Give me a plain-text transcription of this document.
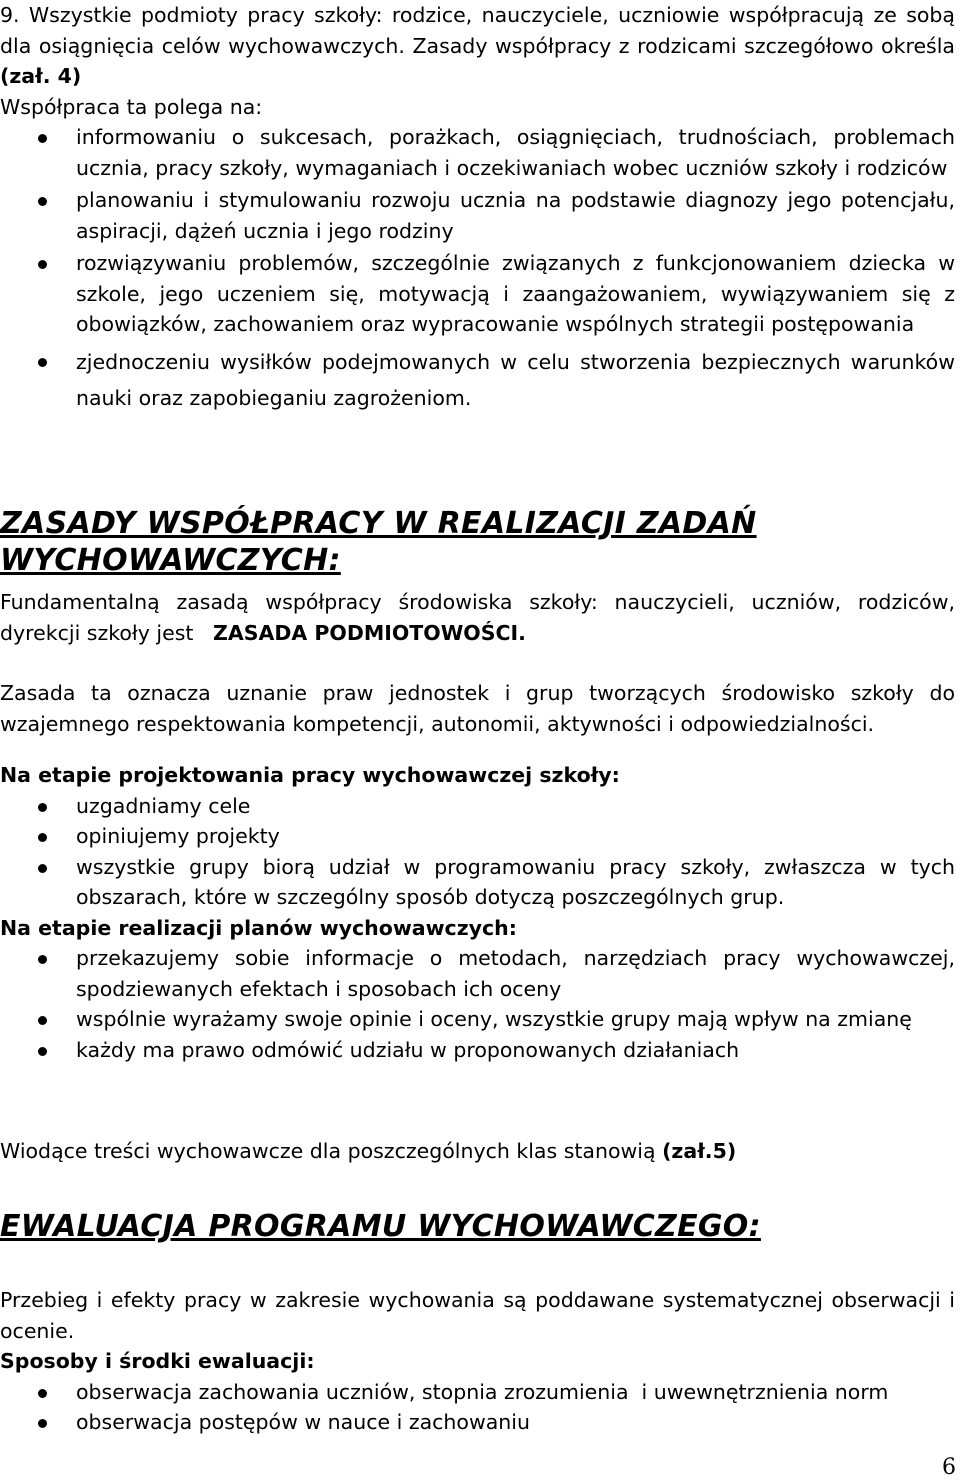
9. Wszystkie podmioty pracy szkoły: rodzice, nauczyciele, uczniowie współpracują ze sobą dla osiągnięcia celów wychowawczych. Zasady współpracy z rodzicami szczegółowo określa (zał. 4)

Współpraca ta polega na:

informowaniu o sukcesach, porażkach, osiągnięciach, trudnościach, problemach ucznia, pracy szkoły, wymaganiach i oczekiwaniach wobec uczniów szkoły i rodziców
planowaniu i stymulowaniu rozwoju ucznia na podstawie diagnozy jego potencjału, aspiracji, dążeń ucznia i jego rodziny
rozwiązywaniu problemów, szczególnie związanych z funkcjonowaniem dziecka w szkole, jego uczeniem się, motywacją i zaangażowaniem, wywiązywaniem się z obowiązków, zachowaniem oraz wypracowanie wspólnych strategii postępowania
zjednoczeniu wysiłków podejmowanych w celu stworzenia bezpiecznych warunków nauki oraz zapobieganiu zagrożeniom.
ZASADY WSPÓŁPRACY W REALIZACJI ZADAŃ
WYCHOWAWCZYCH:

Fundamentalną zasadą współpracy środowiska szkoły: nauczycieli, uczniów, rodziców, dyrekcji szkoły jest ZASADA PODMIOTOWOŚCI.

Zasada ta oznacza uznanie praw jednostek i grup tworzących środowisko szkoły do wzajemnego respektowania kompetencji, autonomii, aktywności i odpowiedzialności.

Na etapie projektowania pracy wychowawczej szkoły:

uzgadniamy cele
opiniujemy projekty
wszystkie grupy biorą udział w programowaniu pracy szkoły, zwłaszcza w tych obszarach, które w szczególny sposób dotyczą poszczególnych grup.

Na etapie realizacji planów wychowawczych:

przekazujemy sobie informacje o metodach, narzędziach pracy wychowawczej, spodziewanych efektach i sposobach ich oceny
wspólnie wyrażamy swoje opinie i oceny, wszystkie grupy mają wpływ na zmianę
każdy ma prawo odmówić udziału w proponowanych działaniach

Wiodące treści wychowawcze dla poszczególnych klas stanowią (zał.5)

EWALUACJA PROGRAMU WYCHOWAWCZEGO:

Przebieg i efekty pracy w zakresie wychowania są poddawane systematycznej obserwacji i ocenie.

Sposoby i środki ewaluacji:

obserwacja zachowania uczniów, stopnia zrozumienia  i uwewnętrznienia norm
obserwacja postępów w nauce i zachowaniu
6
